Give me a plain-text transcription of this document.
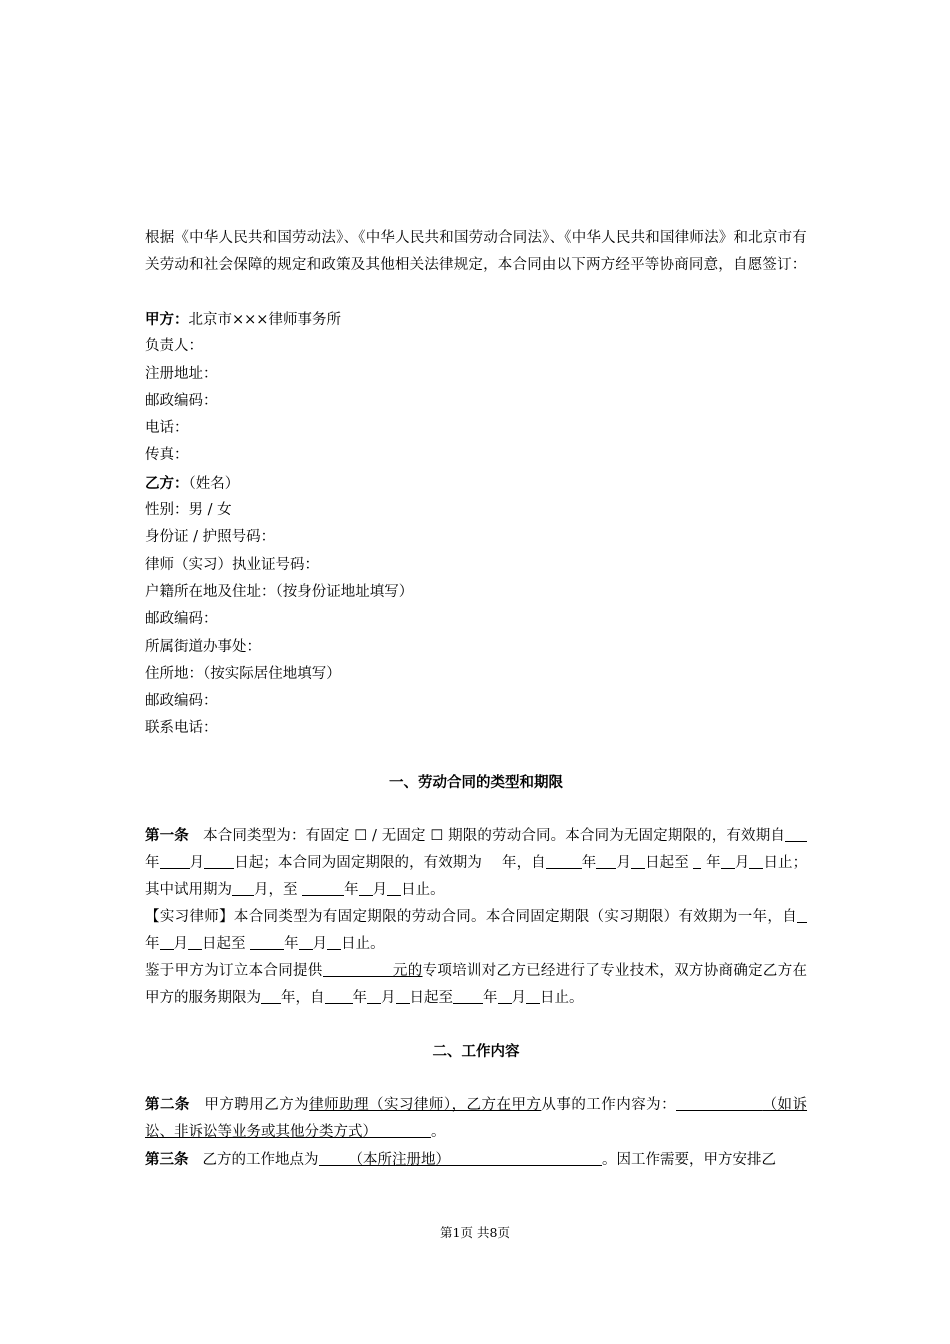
根据《中华人民共和国劳动法》、《中华人民共和国劳动合同法》、《中华人民共和国律师法》和北京市有关劳动和社会保障的规定和政策及其他相关法律规定，本合同由以下两方经平等协商同意，自愿签订：
甲方：北京市×××律师事务所
负责人：
注册地址：
邮政编码：
电话：
传真：
乙方：（姓名）
性别：男 / 女
身份证 / 护照号码：
律师（实习）执业证号码：
户籍所在地及住址：（按身份证地址填写）
邮政编码：
所属街道办事处：
住所地：（按实际居住地填写）
邮政编码：
联系电话：
一、劳动合同的类型和期限
第一条 本合同类型为：有固定 ☐ / 无固定 ☐ 期限的劳动合同。本合同为无固定期限的，有效期自年 月 日起；本合同为固定期限的，有效期为 年，自 年 月 日起至 年 月 日止；其中试用期为 月，至	年 月 日止。
【实习律师】本合同类型为有固定期限的劳动合同。本合同固定期限（实习期限）有效期为一年，自年 月 日起至	年 月 日止。
鉴于甲方为订立本合同提供	元的专项培训对乙方已经进行了专业技术，双方协商确定乙方在甲方的服务期限为 年，自 年 月 日起至 年 月 日止。
二、工作内容
第二条 甲方聘用乙方为律师助理（实习律师），乙方在甲方从事的工作内容为：	（如诉讼、非诉讼等业务或其他分类方式）	。
第三条 乙方的工作地点为 （本所注册地）	。因工作需要，甲方安排乙
第1页 共8页
